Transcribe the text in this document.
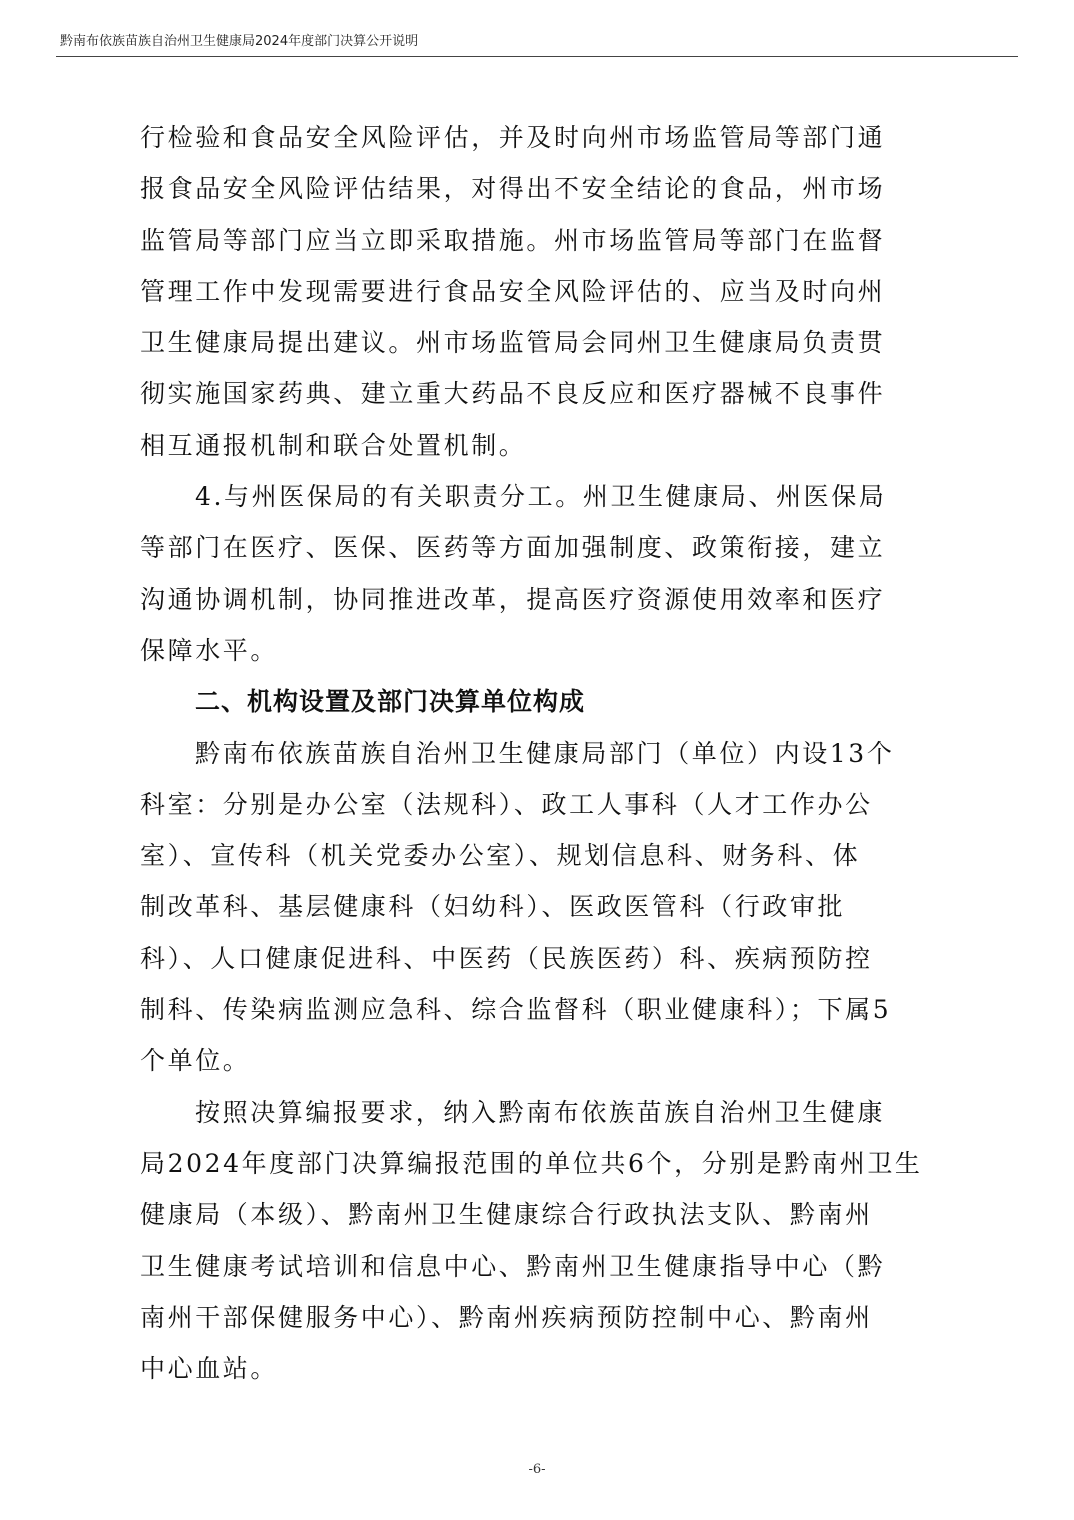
黔南布依族苗族自治州卫生健康局2024年度部门决算公开说明
行检验和食品安全风险评估，并及时向州市场监管局等部门通
报食品安全风险评估结果，对得出不安全结论的食品，州市场
监管局等部门应当立即采取措施。州市场监管局等部门在监督
管理工作中发现需要进行食品安全风险评估的、应当及时向州
卫生健康局提出建议。州市场监管局会同州卫生健康局负责贯
彻实施国家药典、建立重大药品不良反应和医疗器械不良事件
相互通报机制和联合处置机制。
4.与州医保局的有关职责分工。州卫生健康局、州医保局
等部门在医疗、医保、医药等方面加强制度、政策衔接，建立
沟通协调机制，协同推进改革，提高医疗资源使用效率和医疗
保障水平。
二、机构设置及部门决算单位构成
黔南布依族苗族自治州卫生健康局部门（单位）内设13个
科室：分别是办公室（法规科）、政工人事科（人才工作办公
室）、宣传科（机关党委办公室）、规划信息科、财务科、体
制改革科、基层健康科（妇幼科）、医政医管科（行政审批
科）、人口健康促进科、中医药（民族医药）科、疾病预防控
制科、传染病监测应急科、综合监督科（职业健康科）；下属5
个单位。
按照决算编报要求，纳入黔南布依族苗族自治州卫生健康
局2024年度部门决算编报范围的单位共6个，分别是黔南州卫生
健康局（本级）、黔南州卫生健康综合行政执法支队、黔南州
卫生健康考试培训和信息中心、黔南州卫生健康指导中心（黔
南州干部保健服务中心）、黔南州疾病预防控制中心、黔南州
中心血站。
-6-
